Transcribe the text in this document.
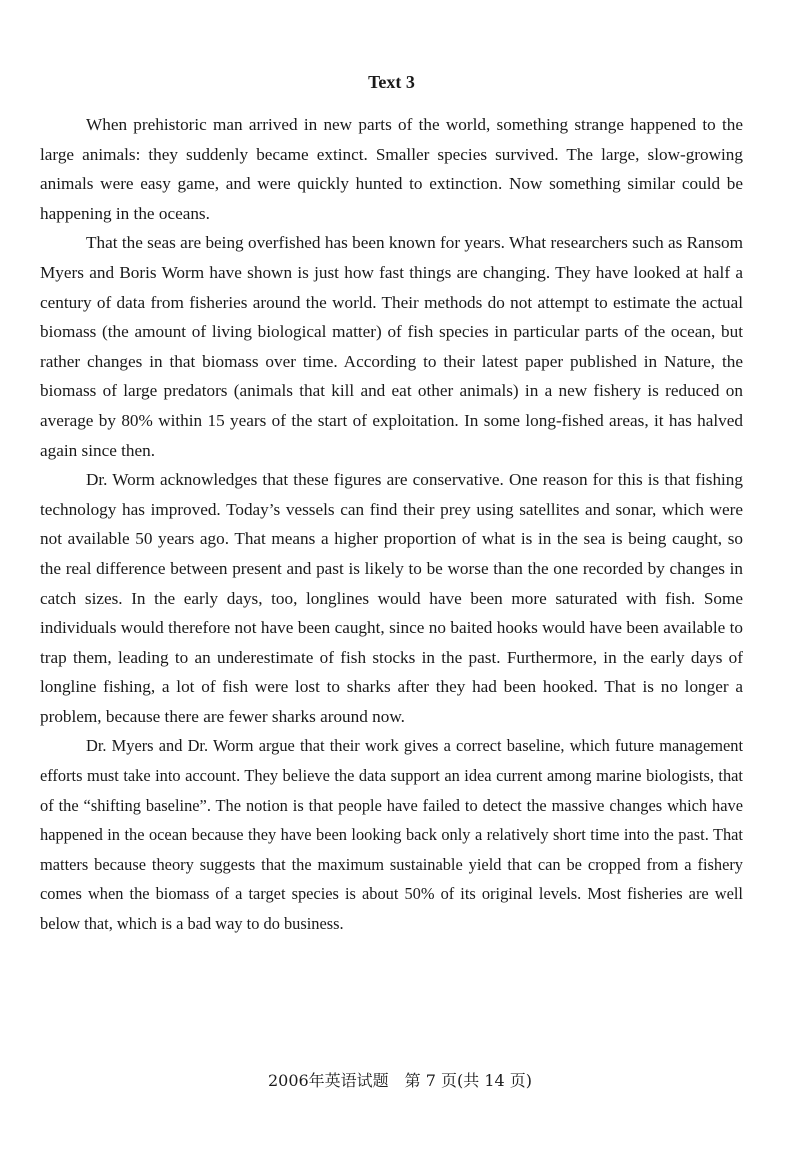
Text 3

When prehistoric man arrived in new parts of the world, something strange happened to the large animals: they suddenly became extinct. Smaller species survived. The large, slow-growing animals were easy game, and were quickly hunted to extinction. Now something similar could be happening in the oceans.

That the seas are being overfished has been known for years. What researchers such as Ransom Myers and Boris Worm have shown is just how fast things are changing. They have looked at half a century of data from fisheries around the world. Their methods do not attempt to estimate the actual biomass (the amount of living biological matter) of fish species in particular parts of the ocean, but rather changes in that biomass over time. According to their latest paper published in Nature, the biomass of large predators (animals that kill and eat other animals) in a new fishery is reduced on average by 80% within 15 years of the start of exploitation. In some long-fished areas, it has halved again since then.

Dr. Worm acknowledges that these figures are conservative. One reason for this is that fishing technology has improved. Today’s vessels can find their prey using satellites and sonar, which were not available 50 years ago. That means a higher proportion of what is in the sea is being caught, so the real difference between present and past is likely to be worse than the one recorded by changes in catch sizes. In the early days, too, longlines would have been more saturated with fish. Some individuals would therefore not have been caught, since no baited hooks would have been available to trap them, leading to an underestimate of fish stocks in the past. Furthermore, in the early days of longline fishing, a lot of fish were lost to sharks after they had been hooked. That is no longer a problem, because there are fewer sharks around now.

Dr. Myers and Dr. Worm argue that their work gives a correct baseline, which future management efforts must take into account. They believe the data support an idea current among marine biologists, that of the “shifting baseline”. The notion is that people have failed to detect the massive changes which have happened in the ocean because they have been looking back only a relatively short time into the past. That matters because theory suggests that the maximum sustainable yield that can be cropped from a fishery comes when the biomass of a target species is about 50% of its original levels. Most fisheries are well below that, which is a bad way to do business.

2006年英语试题　第 7 页(共 14 页)
